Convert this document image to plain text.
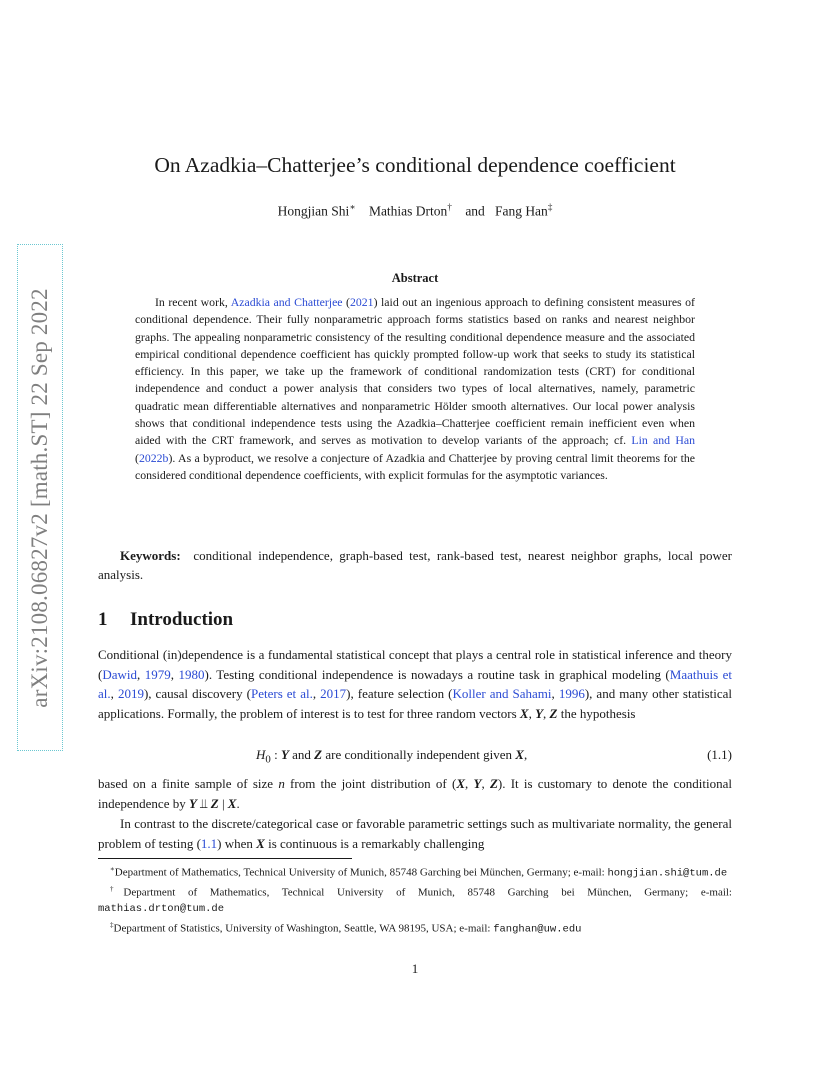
arXiv:2108.06827v2 [math.ST] 22 Sep 2022
On Azadkia–Chatterjee’s conditional dependence coefficient
Hongjian Shi∗ Mathias Drton† and Fang Han‡
Abstract
In recent work, Azadkia and Chatterjee (2021) laid out an ingenious approach to defining consistent measures of conditional dependence. Their fully nonparametric approach forms statistics based on ranks and nearest neighbor graphs. The appealing nonparametric consistency of the resulting conditional dependence measure and the associated empirical conditional dependence coefficient has quickly prompted follow-up work that seeks to study its statistical efficiency. In this paper, we take up the framework of conditional randomization tests (CRT) for conditional independence and conduct a power analysis that considers two types of local alternatives, namely, parametric quadratic mean differentiable alternatives and nonparametric Hölder smooth alternatives. Our local power analysis shows that conditional independence tests using the Azadkia–Chatterjee coefficient remain inefficient even when aided with the CRT framework, and serves as motivation to develop variants of the approach; cf. Lin and Han (2022b). As a byproduct, we resolve a conjecture of Azadkia and Chatterjee by proving central limit theorems for the considered conditional dependence coefficients, with explicit formulas for the asymptotic variances.
Keywords: conditional independence, graph-based test, rank-based test, nearest neighbor graphs, local power analysis.
1 Introduction
Conditional (in)dependence is a fundamental statistical concept that plays a central role in statistical inference and theory (Dawid, 1979, 1980). Testing conditional independence is nowadays a routine task in graphical modeling (Maathuis et al., 2019), causal discovery (Peters et al., 2017), feature selection (Koller and Sahami, 1996), and many other statistical applications. Formally, the problem of interest is to test for three random vectors X, Y, Z the hypothesis
$H_0$ : Y and Z are conditionally independent given X,	(1.1)
based on a finite sample of size n from the joint distribution of (X, Y, Z). It is customary to denote the conditional independence by Y ⫫ Z | X.
In contrast to the discrete/categorical case or favorable parametric settings such as multivariate normality, the general problem of testing (1.1) when X is continuous is a remarkably challenging

∗Department of Mathematics, Technical University of Munich, 85748 Garching bei München, Germany; e-mail: hongjian.shi@tum.de

†Department of Mathematics, Technical University of Munich, 85748 Garching bei München, Germany; e-mail: mathias.drton@tum.de

‡Department of Statistics, University of Washington, Seattle, WA 98195, USA; e-mail: fanghan@uw.edu

1
